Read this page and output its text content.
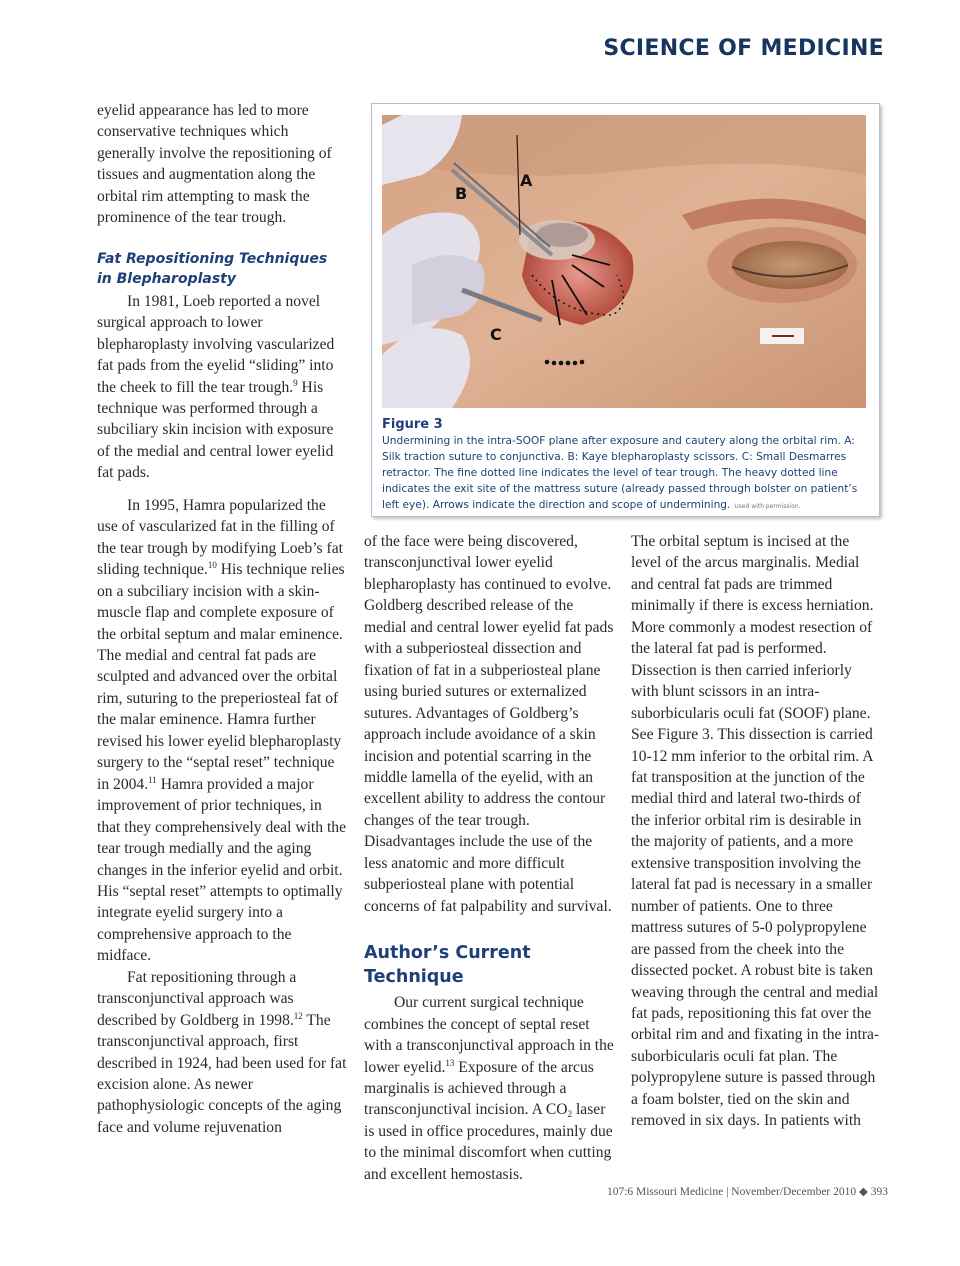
SCIENCE OF MEDICINE

eyelid appearance has led to more conservative techniques which generally involve the repositioning of tissues and augmentation along the orbital rim attempting to mask the prominence of the tear trough.

Fat Repositioning Techniques
in Blepharoplasty

In 1981, Loeb reported a novel surgical approach to lower blepharoplasty involving vascularized fat pads from the eyelid “sliding” into the cheek to fill the tear trough.$^9$ His technique was performed through a subciliary skin incision with exposure of the medial and central lower eyelid fat pads.

In 1995, Hamra popularized the use of vascularized fat in the filling of the tear trough by modifying Loeb’s fat sliding technique.$^{10}$ His technique relies on a subciliary incision with a skin-muscle flap and complete exposure of the orbital septum and malar eminence. The medial and central fat pads are sculpted and advanced over the orbital rim, suturing to the preperiosteal fat of the malar eminence. Hamra further revised his lower eyelid blepharoplasty surgery to the “septal reset” technique in 2004.11 Hamra provided a major improvement of prior techniques, in that they comprehensively deal with the tear trough medially and the aging changes in the inferior eyelid and orbit. His “septal reset” attempts to optimally integrate eyelid surgery into a comprehensive approach to the midface.

Fat repositioning through a transconjunctival approach was described by Goldberg in 1998.12 The transconjunctival approach, first described in 1924, had been used for fat excision alone. As newer pathophysiologic concepts of the aging face and volume rejuvenation

B
A
C
Figure 3
Undermining in the intra-SOOF plane after exposure and cautery along the orbital rim. A: Silk traction suture to conjunctiva. B: Kaye blepharoplasty scissors. C: Small Desmarres retractor. The fine dotted line indicates the level of tear trough. The heavy dotted line indicates the exit site of the mattress suture (already passed through bolster on patient’s left eye). Arrows indicate the direction and scope of undermining. Used with permission.

of the face were being discovered, transconjunctival lower eyelid blepharoplasty has continued to evolve. Goldberg described release of the medial and central lower eyelid fat pads with a subperiosteal dissection and fixation of fat in a subperiosteal plane using buried sutures or externalized sutures. Advantages of Goldberg’s approach include avoidance of a skin incision and potential scarring in the middle lamella of the eyelid, with an excellent ability to address the contour changes of the tear trough. Disadvantages include the use of the less anatomic and more difficult subperiosteal plane with potential concerns of fat palpability and survival.

Author’s Current Technique

Our current surgical technique combines the concept of septal reset with a transconjunctival approach in the lower eyelid.$^{13}$ Exposure of the arcus marginalis is achieved through a transconjunctival incision. A $CO_2$ laser is used in office procedures, mainly due to the minimal discomfort when cutting and excellent hemostasis.

The orbital septum is incised at the level of the arcus marginalis. Medial and central fat pads are trimmed minimally if there is excess herniation. More commonly a modest resection of the lateral fat pad is performed. Dissection is then carried inferiorly with blunt scissors in an intra-suborbicularis oculi fat (SOOF) plane. See Figure 3. This dissection is carried 10-12 mm inferior to the orbital rim. A fat transposition at the junction of the medial third and lateral two-thirds of the inferior orbital rim is desirable in the majority of patients, and a more extensive transposition involving the lateral fat pad is necessary in a smaller number of patients. One to three mattress sutures of 5-0 polypropylene are passed from the cheek into the dissected pocket. A robust bite is taken weaving through the central and medial fat pads, repositioning this fat over the orbital rim and and fixating in the intra-suborbicularis oculi fat plan. The polypropylene suture is passed through a foam bolster, tied on the skin and removed in six days. In patients with

107:6 Missouri Medicine | November/December 2010 ◆ 393
